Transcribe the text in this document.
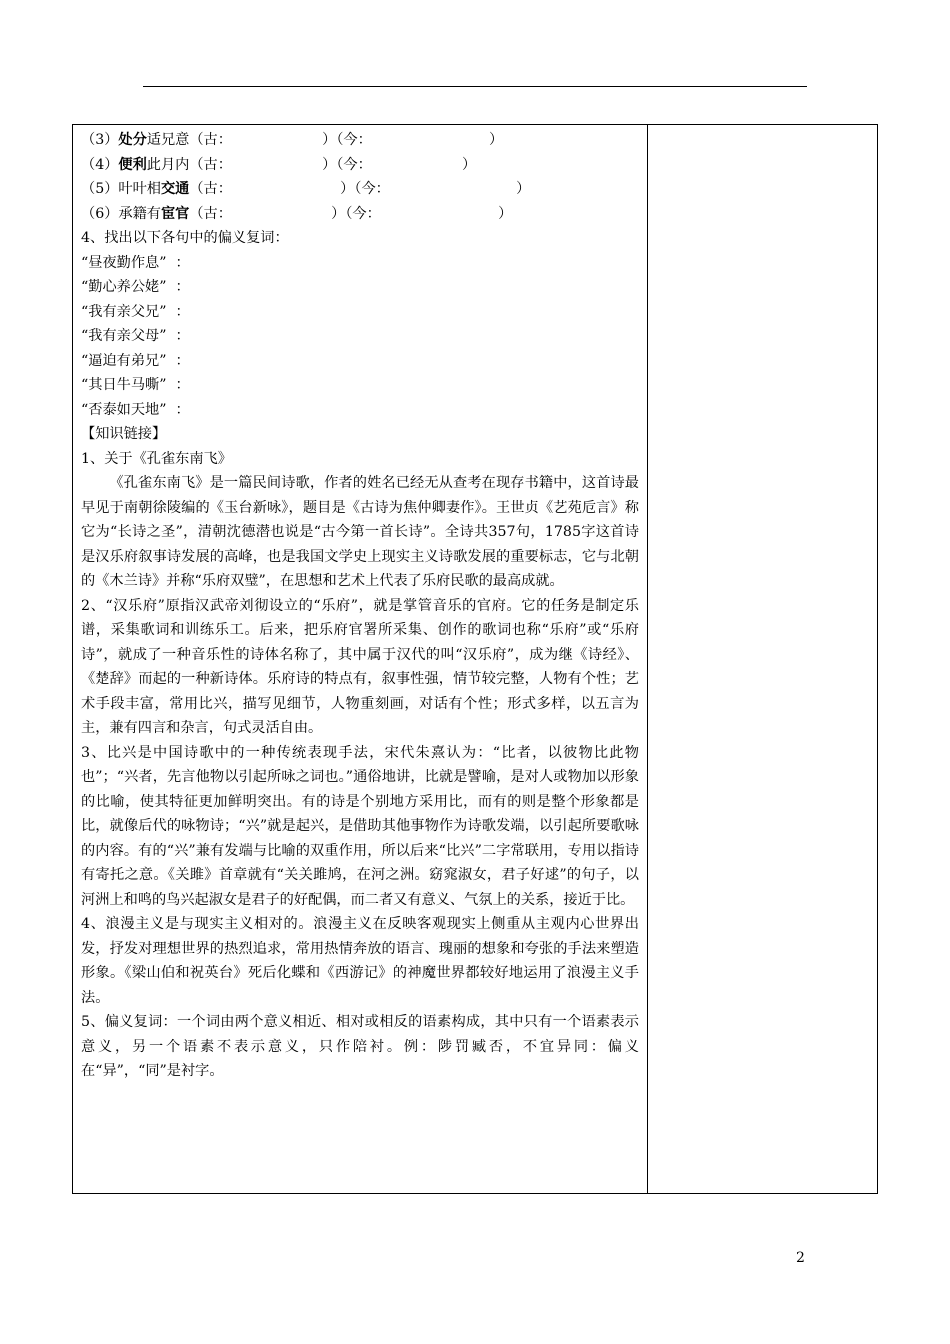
（3）处分适兄意（古：                    ）（今：                          ）
（4）便利此月内（古：                    ）（今：                    ）
（5）叶叶相交通（古：                        ）（今：                            ）
（6）承籍有宦官（古：                      ）（今：                          ）
4、找出以下各句中的偏义复词：
“昼夜勤作息”  ：
“勤心养公姥”  ：
“我有亲父兄”  ：
“我有亲父母”  ：
“逼迫有弟兄”  ：
“其日牛马嘶”  ：
“否泰如天地”  ：
【知识链接】
1、关于《孔雀东南飞》
《孔雀东南飞》是一篇民间诗歌，作者的姓名已经无从查考在现存书籍中，这首诗最早见于南朝徐陵编的《玉台新咏》，题目是《古诗为焦仲卿妻作》。王世贞《艺苑卮言》称它为“长诗之圣”，清朝沈德潜也说是“古今第一首长诗”。全诗共357句，1785字这首诗是汉乐府叙事诗发展的高峰，也是我国文学史上现实主义诗歌发展的重要标志，它与北朝的《木兰诗》并称“乐府双璧”，在思想和艺术上代表了乐府民歌的最高成就。
2、“汉乐府”原指汉武帝刘彻设立的“乐府”，就是掌管音乐的官府。它的任务是制定乐谱，采集歌词和训练乐工。后来，把乐府官署所采集、创作的歌词也称“乐府”或“乐府诗”，就成了一种音乐性的诗体名称了，其中属于汉代的叫“汉乐府”，成为继《诗经》、《楚辞》而起的一种新诗体。乐府诗的特点有，叙事性强，情节较完整，人物有个性；艺术手段丰富，常用比兴，描写见细节，人物重刻画，对话有个性；形式多样，以五言为主，兼有四言和杂言，句式灵活自由。
3、比兴是中国诗歌中的一种传统表现手法，宋代朱熹认为：“比者，以彼物比此物也”；“兴者，先言他物以引起所咏之词也。”通俗地讲，比就是譬喻，是对人或物加以形象的比喻，使其特征更加鲜明突出。有的诗是个别地方采用比，而有的则是整个形象都是比，就像后代的咏物诗；“兴”就是起兴，是借助其他事物作为诗歌发端，以引起所要歌咏的内容。有的“兴”兼有发端与比喻的双重作用，所以后来“比兴”二字常联用，专用以指诗有寄托之意。《关雎》首章就有“关关雎鸠，在河之洲。窈窕淑女，君子好逑”的句子，以河洲上和鸣的鸟兴起淑女是君子的好配偶，而二者又有意义、气氛上的关系，接近于比。
4、浪漫主义是与现实主义相对的。浪漫主义在反映客观现实上侧重从主观内心世界出发，抒发对理想世界的热烈追求，常用热情奔放的语言、瑰丽的想象和夸张的手法来塑造形象。《梁山伯和祝英台》死后化蝶和《西游记》的神魔世界都较好地运用了浪漫主义手法。
5、偏义复词：一个词由两个意义相近、相对或相反的语素构成，其中只有一个语素表示意义，另一个语素不表示意义，只作陪衬。例：陟罚臧否，不宜异同：偏义在“异”，“同”是衬字。

2
